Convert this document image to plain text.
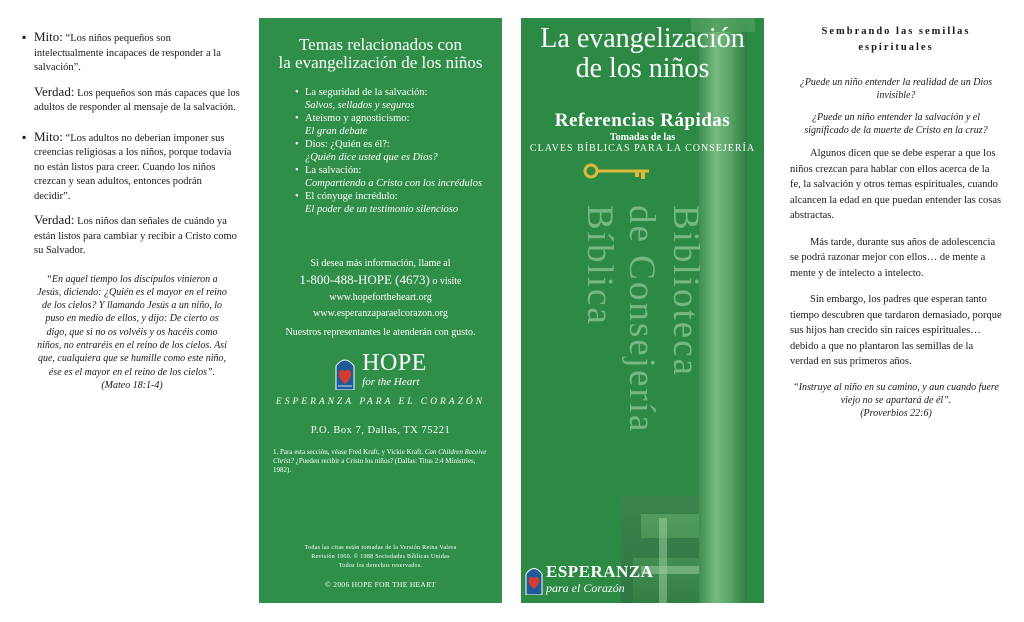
▪ Mito: “Los niños pequeños son intelectualmente incapaces de responder a la salvación”.
Verdad: Los pequeños son más capaces que los adultos de responder al mensaje de la salvación.
▪ Mito: “Los adultos no deberían imponer sus creencias religiosas a los niños, porque todavía no están listos para creer. Cuando los niños crezcan y sean adultos, entonces podrán decidir”.
Verdad: Los niños dan señales de cuándo ya están listos para cambiar y recibir a Cristo como su Salvador.
“En aquel tiempo los discípulos vinieron a Jesús, diciendo: ¿Quién es el mayor en el reino de los cielos? Y llamando Jesús a un niño, lo puso en medio de ellos, y dijo: De cierto os digo, que si no os volvéis y os hacéis como niños, no entraréis en el reino de los cielos. Así que, cualquiera que se humille como este niño, ése es el mayor en el reino de los cielos”.
(Mateo 18:1-4)
Temas relacionados con
la evangelización de los niños
• La seguridad de la salvación:
Salvos, sellados y seguros
• Ateísmo y agnosticismo:
El gran debate
• Dios: ¿Quién es él?:
¿Quién dice usted que es Dios?
• La salvación:
Compartiendo a Cristo con los incrédulos
• El cónyuge incrédulo:
El poder de un testimonio silencioso
Si desea más información, llame al
1-800-488-HOPE (4673) o visite
www.hopefortheheart.org
www.esperanzaparaelcorazon.org
Nuestros representantes le atenderán con gusto.
HOPE
for the Heart
ESPERANZA PARA EL CORAZÓN
P.O. Box 7, Dallas, TX 75221
1. Para esta sección, véase Fred Kraft, y Vickie Kraft. Can Children Receive Christ? ¿Pueden recibir a Cristo los niños? (Dallas: Titus 2:4 Ministries, 1982).
Todas las citas están tomadas de la Versión Reina Valera
Revisión 1960. © 1988 Sociedades Bíblicas Unidas
Todos los derechos reservados.
© 2006 HOPE FOR THE HEART
La evangelización
de los niños
Referencias Rápidas
Tomadas de las
CLAVES BÍBLICAS PARA LA CONSEJERÍA
Biblioteca
de Consejería
Bíblica
ESPERANZA
para el Corazón
Sembrando las semillas
espirituales

¿Puede un niño entender la realidad de un Dios invisible?

¿Puede un niño entender la salvación y el significado de la muerte de Cristo en la cruz?

Algunos dicen que se debe esperar a que los niños crezcan para hablar con ellos acerca de la fe, la salvación y otros temas espirituales, cuando alcancen la edad en que puedan entender las cosas abstractas.

Más tarde, durante sus años de adolescencia se podrá razonar mejor con ellos… de mente a mente y de intelecto a intelecto.

Sin embargo, los padres que esperan tanto tiempo descubren que tardaron demasiado, porque sus hijos han crecido sin raíces espirituales… debido a que no plantaron las semillas de la verdad en sus primeros años.

“Instruye al niño en su camino, y aun cuando fuere viejo no se apartará de él”.
(Proverbios 22:6)
